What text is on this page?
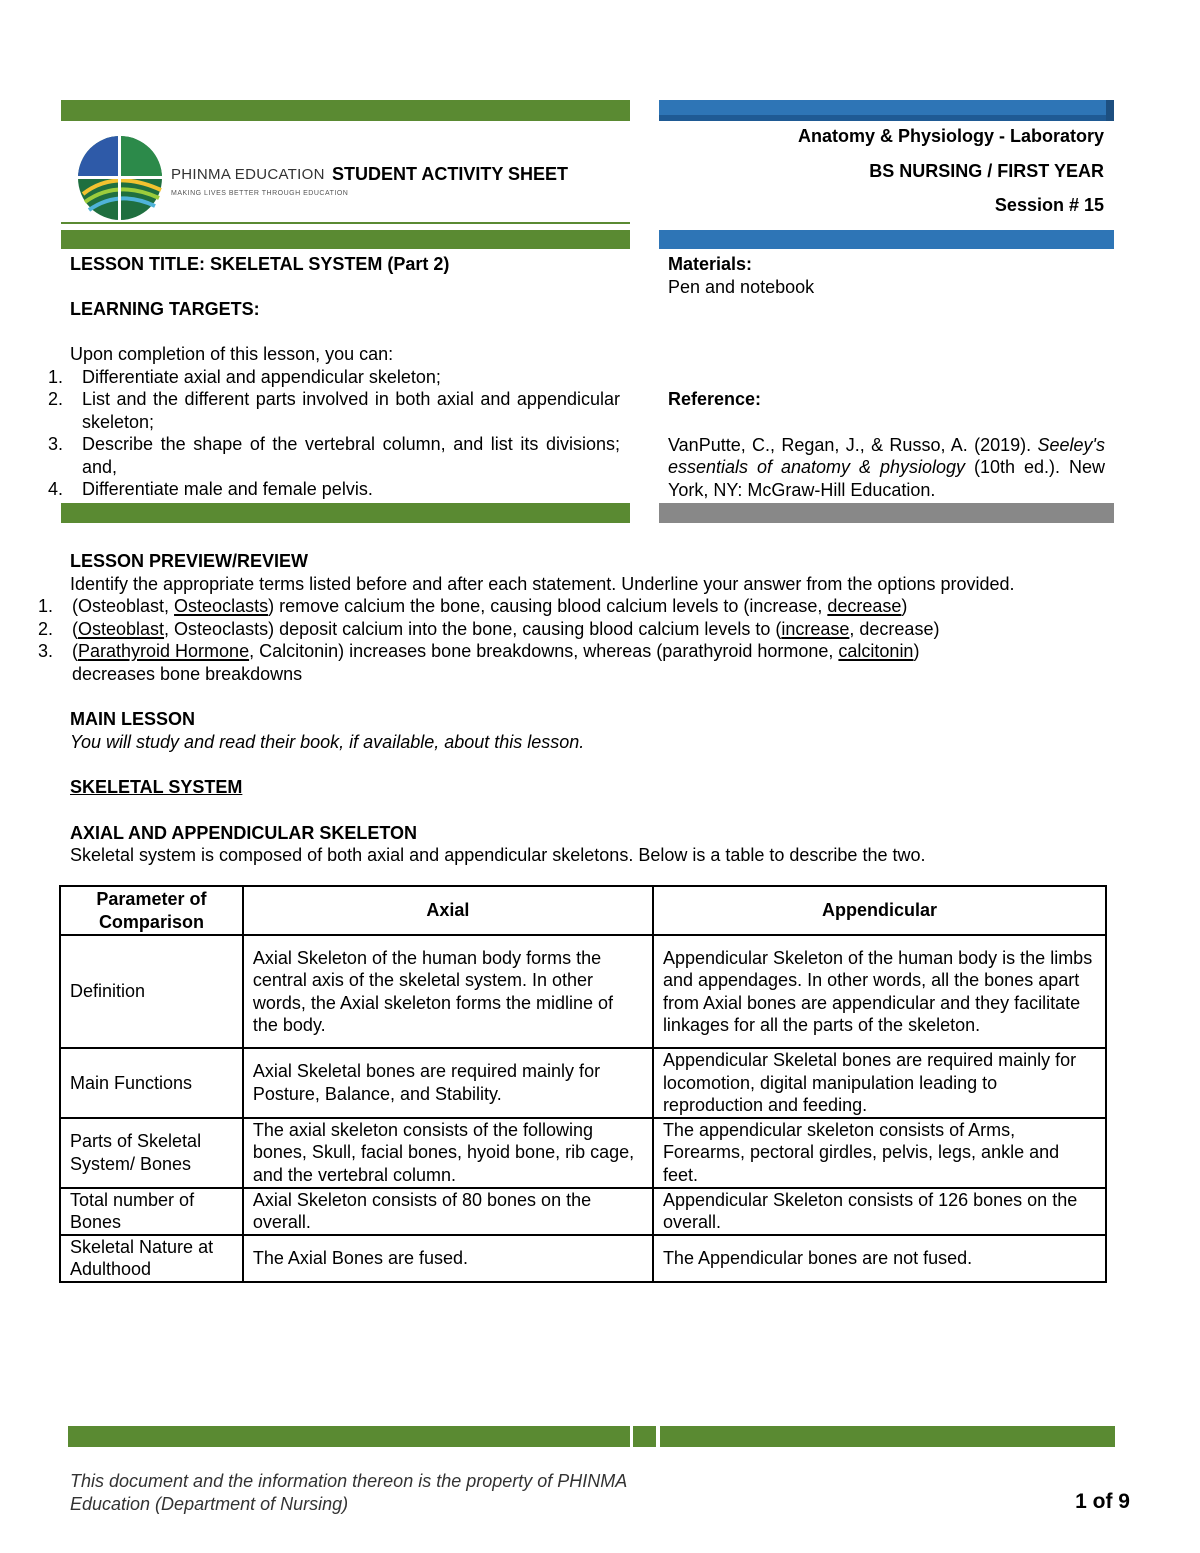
PHINMA EDUCATION
MAKING LIVES BETTER THROUGH EDUCATION
STUDENT ACTIVITY SHEET
Anatomy & Physiology - Laboratory
BS NURSING / FIRST YEAR
Session # 15
LESSON TITLE: SKELETAL SYSTEM (Part 2)
LEARNING TARGETS:
Upon completion of this lesson, you can:
1. Differentiate axial and appendicular skeleton;
2. List and the different parts involved in both axial and appendicular skeleton;
3. Describe the shape of the vertebral column, and list its divisions; and,
4. Differentiate male and female pelvis.
Materials:
Pen and notebook
Reference:
VanPutte, C., Regan, J., & Russo, A. (2019). Seeley's essentials of anatomy & physiology (10th ed.). New York, NY: McGraw-Hill Education.
LESSON PREVIEW/REVIEW
Identify the appropriate terms listed before and after each statement. Underline your answer from the options provided.
1. (Osteoblast, Osteoclasts) remove calcium the bone, causing blood calcium levels to (increase, decrease)
2. (Osteoblast, Osteoclasts) deposit calcium into the bone, causing blood calcium levels to (increase, decrease)
3. (Parathyroid Hormone, Calcitonin) increases bone breakdowns, whereas (parathyroid hormone, calcitonin)
decreases bone breakdowns
MAIN LESSON
You will study and read their book, if available, about this lesson.
SKELETAL SYSTEM
AXIAL AND APPENDICULAR SKELETON
Skeletal system is composed of both axial and appendicular skeletons. Below is a table to describe the two.
Parameter of Comparison	Axial	Appendicular
Definition	Axial Skeleton of the human body forms the central axis of the skeletal system. In other words, the Axial skeleton forms the midline of the body.	Appendicular Skeleton of the human body is the limbs and appendages. In other words, all the bones apart from Axial bones are appendicular and they facilitate linkages for all the parts of the skeleton.
Main Functions	Axial Skeletal bones are required mainly for Posture, Balance, and Stability.	Appendicular Skeletal bones are required mainly for locomotion, digital manipulation leading to reproduction and feeding.
Parts of Skeletal System/ Bones	The axial skeleton consists of the following bones, Skull, facial bones, hyoid bone, rib cage, and the vertebral column.	The appendicular skeleton consists of Arms, Forearms, pectoral girdles, pelvis, legs, ankle and feet.
Total number of Bones	Axial Skeleton consists of 80 bones on the overall.	Appendicular Skeleton consists of 126 bones on the overall.
Skeletal Nature at Adulthood	The Axial Bones are fused.	The Appendicular bones are not fused.
This document and the information thereon is the property of PHINMA Education (Department of Nursing)	1 of 9
